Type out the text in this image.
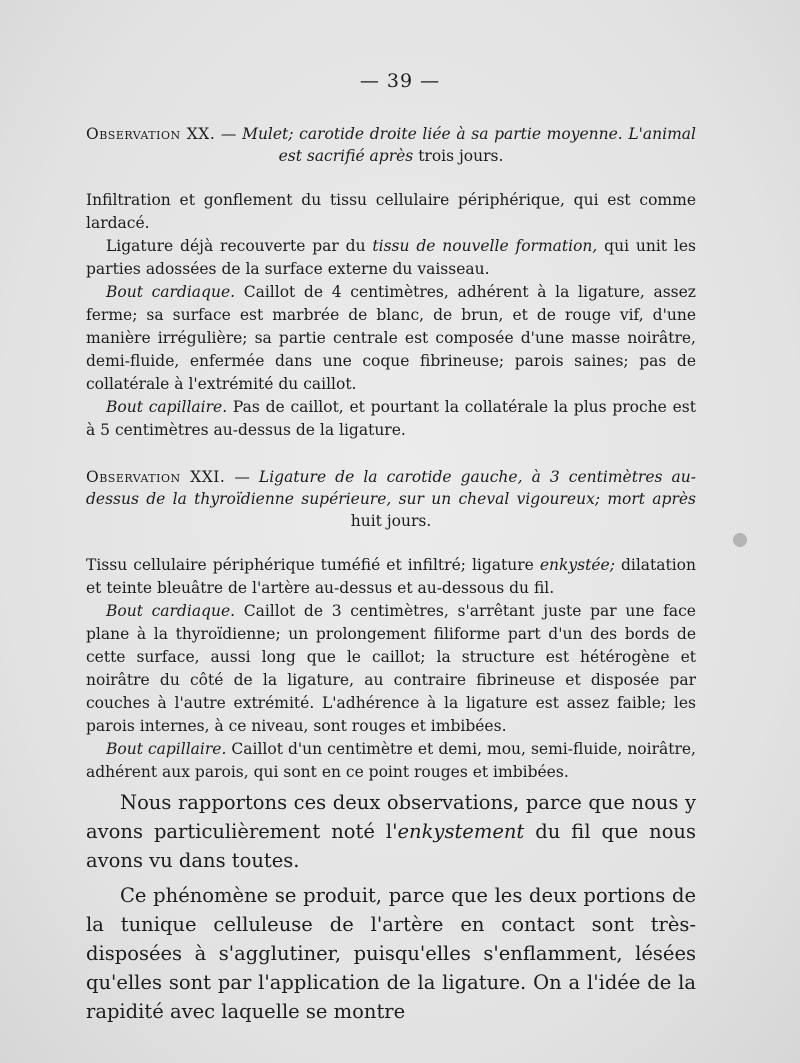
— 39 —
Observation XX. — Mulet; carotide droite liée à sa partie moyenne. L'animal est sacrifié après trois jours.

Infiltration et gonflement du tissu cellulaire périphérique, qui est comme lardacé.

Ligature déjà recouverte par du tissu de nouvelle formation, qui unit les parties adossées de la surface externe du vaisseau.

Bout cardiaque. Caillot de 4 centimètres, adhérent à la ligature, assez ferme; sa surface est marbrée de blanc, de brun, et de rouge vif, d'une manière irrégulière; sa partie centrale est composée d'une masse noirâtre, demi-fluide, enfermée dans une coque fibrineuse; parois saines; pas de collatérale à l'extrémité du caillot.

Bout capillaire. Pas de caillot, et pourtant la collatérale la plus proche est à 5 centimètres au-dessus de la ligature.

Observation XXI. — Ligature de la carotide gauche, à 3 centimètres au-dessus de la thyroïdienne supérieure, sur un cheval vigoureux; mort après huit jours.

Tissu cellulaire périphérique tuméfié et infiltré; ligature enkystée; dilatation et teinte bleuâtre de l'artère au-dessus et au-dessous du fil.

Bout cardiaque. Caillot de 3 centimètres, s'arrêtant juste par une face plane à la thyroïdienne; un prolongement filiforme part d'un des bords de cette surface, aussi long que le caillot; la structure est hétérogène et noirâtre du côté de la ligature, au contraire fibrineuse et disposée par couches à l'autre extrémité. L'adhérence à la ligature est assez faible; les parois internes, à ce niveau, sont rouges et imbibées.

Bout capillaire. Caillot d'un centimètre et demi, mou, semi-fluide, noirâtre, adhérent aux parois, qui sont en ce point rouges et imbibées.

Nous rapportons ces deux observations, parce que nous y avons particulièrement noté l'enkystement du fil que nous avons vu dans toutes.

Ce phénomène se produit, parce que les deux portions de la tunique celluleuse de l'artère en contact sont très-disposées à s'agglutiner, puisqu'elles s'enflamment, lésées qu'elles sont par l'application de la ligature. On a l'idée de la rapidité avec laquelle se montre
